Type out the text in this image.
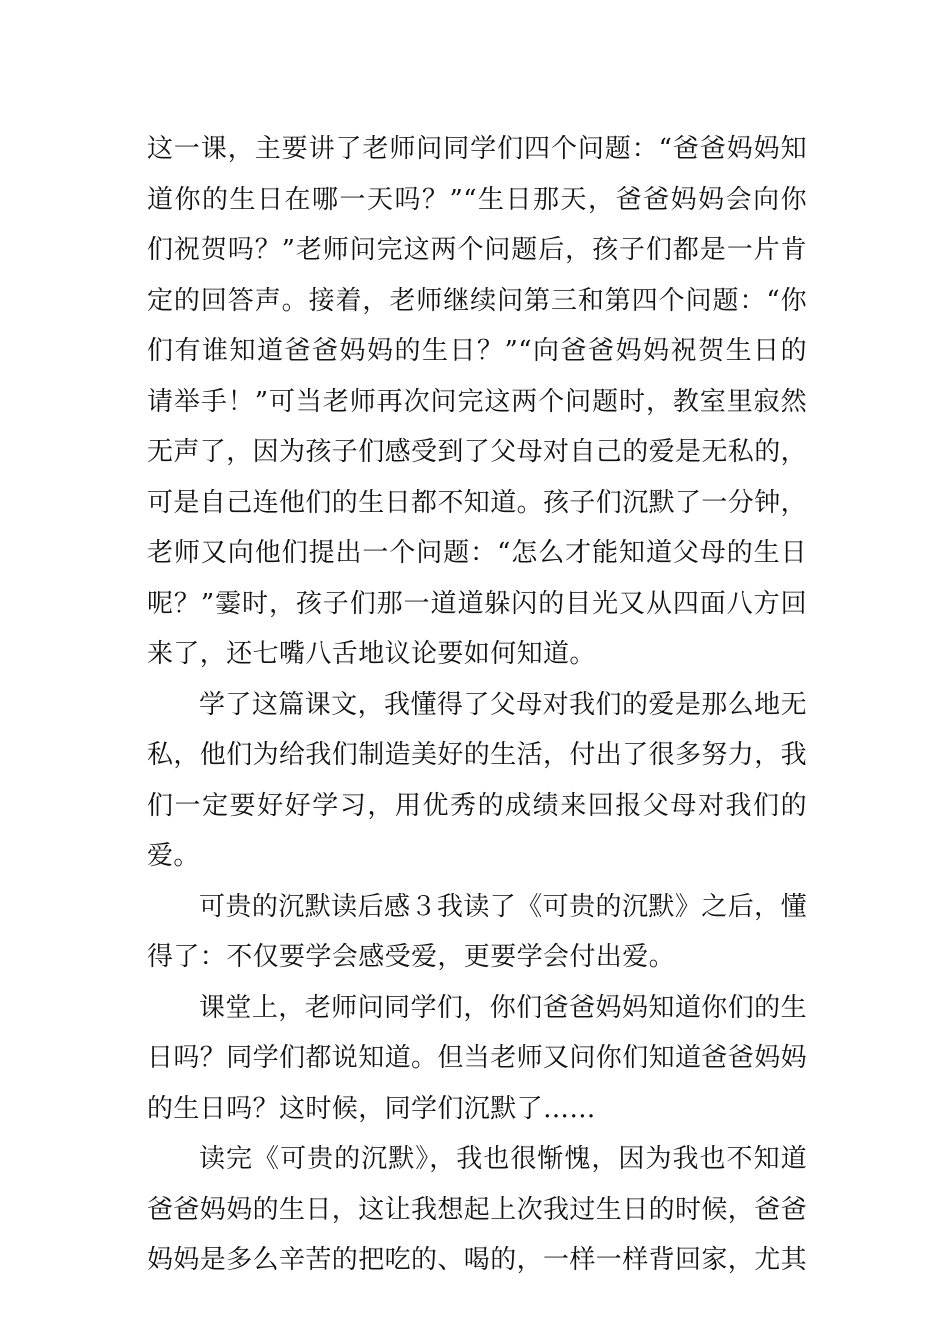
这一课，主要讲了老师问同学们四个问题：“爸爸妈妈知道你的生日在哪一天吗？”“生日那天，爸爸妈妈会向你们祝贺吗？”老师问完这两个问题后，孩子们都是一片肯定的回答声。接着，老师继续问第三和第四个问题：“你们有谁知道爸爸妈妈的生日？”“向爸爸妈妈祝贺生日的请举手！”可当老师再次问完这两个问题时，教室里寂然无声了，因为孩子们感受到了父母对自己的爱是无私的，可是自己连他们的生日都不知道。孩子们沉默了一分钟，老师又向他们提出一个问题：“怎么才能知道父母的生日呢？”霎时，孩子们那一道道躲闪的目光又从四面八方回来了，还七嘴八舌地议论要如何知道。

学了这篇课文，我懂得了父母对我们的爱是那么地无私，他们为给我们制造美好的生活，付出了很多努力，我们一定要好好学习，用优秀的成绩来回报父母对我们的爱。

可贵的沉默读后感３我读了《可贵的沉默》之后，懂得了：不仅要学会感受爱，更要学会付出爱。

课堂上，老师问同学们，你们爸爸妈妈知道你们的生日吗？同学们都说知道。但当老师又问你们知道爸爸妈妈的生日吗？这时候，同学们沉默了……

读完《可贵的沉默》，我也很惭愧，因为我也不知道爸爸妈妈的生日，这让我想起上次我过生日的时候，爸爸妈妈是多么辛苦的把吃的、喝的，一样一样背回家，尤其
